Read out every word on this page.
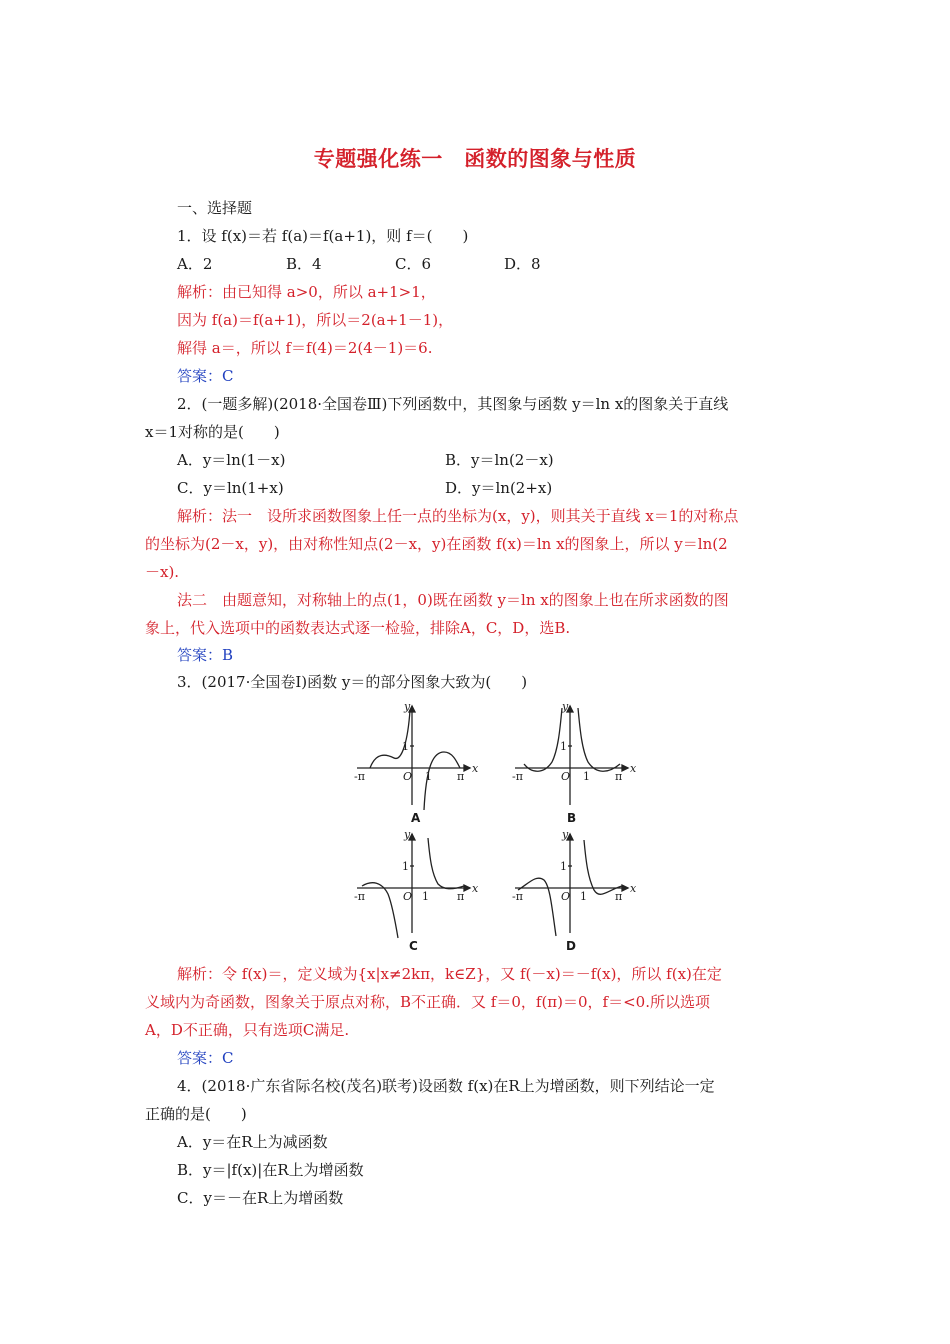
专题强化练一　函数的图象与性质
一、选择题
1．设 f(x)＝若 f(a)＝f(a+1)，则 f＝(　　)
A．2	B．4	C．6	D．8
解析：由已知得 a>0，所以 a+1>1，
因为 f(a)＝f(a+1)，所以＝2(a+1－1)，
解得 a＝，所以 f＝f(4)＝2(4－1)＝6.
答案：C
2．(一题多解)(2018·全国卷Ⅲ)下列函数中，其图象与函数 y＝ln x的图象关于直线
x＝1对称的是(　　)
A．y＝ln(1－x)	B．y＝ln(2－x)
C．y＝ln(1+x)	D．y＝ln(2+x)
解析：法一　设所求函数图象上任一点的坐标为(x，y)，则其关于直线 x＝1的对称点
的坐标为(2－x，y)，由对称性知点(2－x，y)在函数 f(x)＝ln x的图象上，所以 y＝ln(2
－x).
法二　由题意知，对称轴上的点(1，0)既在函数 y＝ln x的图象上也在所求函数的图
象上，代入选项中的函数表达式逐一检验，排除A，C，D，选B.
答案：B
3．(2017·全国卷Ⅰ)函数 y＝的部分图象大致为(　　)
y
x
1
O 1
-π	π
A
y
x
1
O 1
-π	π
B
y
x
1
O 1
-π	π
C
y
x
1
O 1
-π	π
D
解析：令 f(x)＝，定义域为{x|x≠2kπ，k∈Z}，又 f(－x)＝－f(x)，所以 f(x)在定
义域内为奇函数，图象关于原点对称，B不正确．又 f＝0，f(π)＝0，f＝<0.所以选项
A，D不正确，只有选项C满足.
答案：C
4．(2018·广东省际名校(茂名)联考)设函数 f(x)在R上为增函数，则下列结论一定
正确的是(　　)
A．y＝在R上为减函数
B．y＝|f(x)|在R上为增函数
C．y＝－在R上为增函数
